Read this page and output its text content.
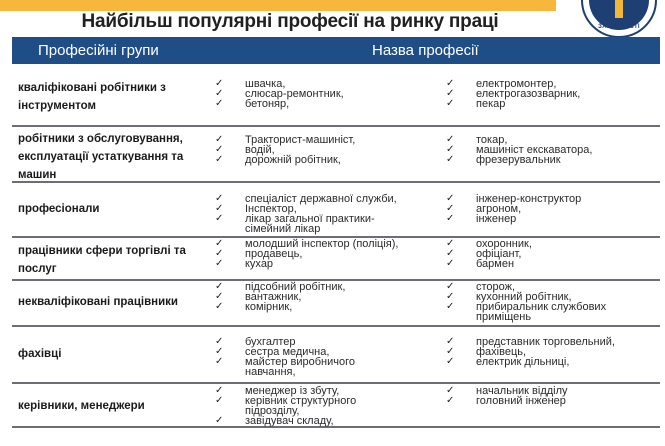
ЗАЙНЯТОСТІ
Найбільш популярні професії на ринку праці
Професійні групи	Назва професії
кваліфіковані робітники з інструментом
✓ швачка,
✓ слюсар-ремонтник,
✓ бетоняр,
✓ електромонтер,
✓ електрогазозварник,
✓ пекар
робітники з обслуговування, експлуатації устаткування та машин
✓ Тракторист-машиніст,
✓ водій,
✓ дорожній робітник,
✓ токар,
✓ машиніст екскаватора,
✓ фрезерувальник
професіонали
✓ спеціаліст державної служби,
✓ Інспектор,
✓ лікар загальної практики-сімейний лікар
✓ інженер-конструктор
✓ агроном,
✓ інженер
працівники сфери торгівлі та послуг
✓ молодший інспектор (поліція),
✓ продавець,
✓ кухар
✓ охоронник,
✓ офіціант,
✓ бармен
некваліфіковані працівники
✓ підсобний робітник,
✓ вантажник,
✓ комірник,
✓ сторож,
✓ кухонний робітник,
✓ прибиральник службових приміщень
фахівці
✓ бухгалтер
✓ сестра медична,
✓ майстер виробничого навчання,
✓ представник торговельний,
✓ фахівець,
✓ електрик дільниці,
керівники, менеджери
✓ менеджер із збуту,
✓ керівник структурного підрозділу,
✓ завідувач складу,
✓ начальник відділу
✓ головний інженер
